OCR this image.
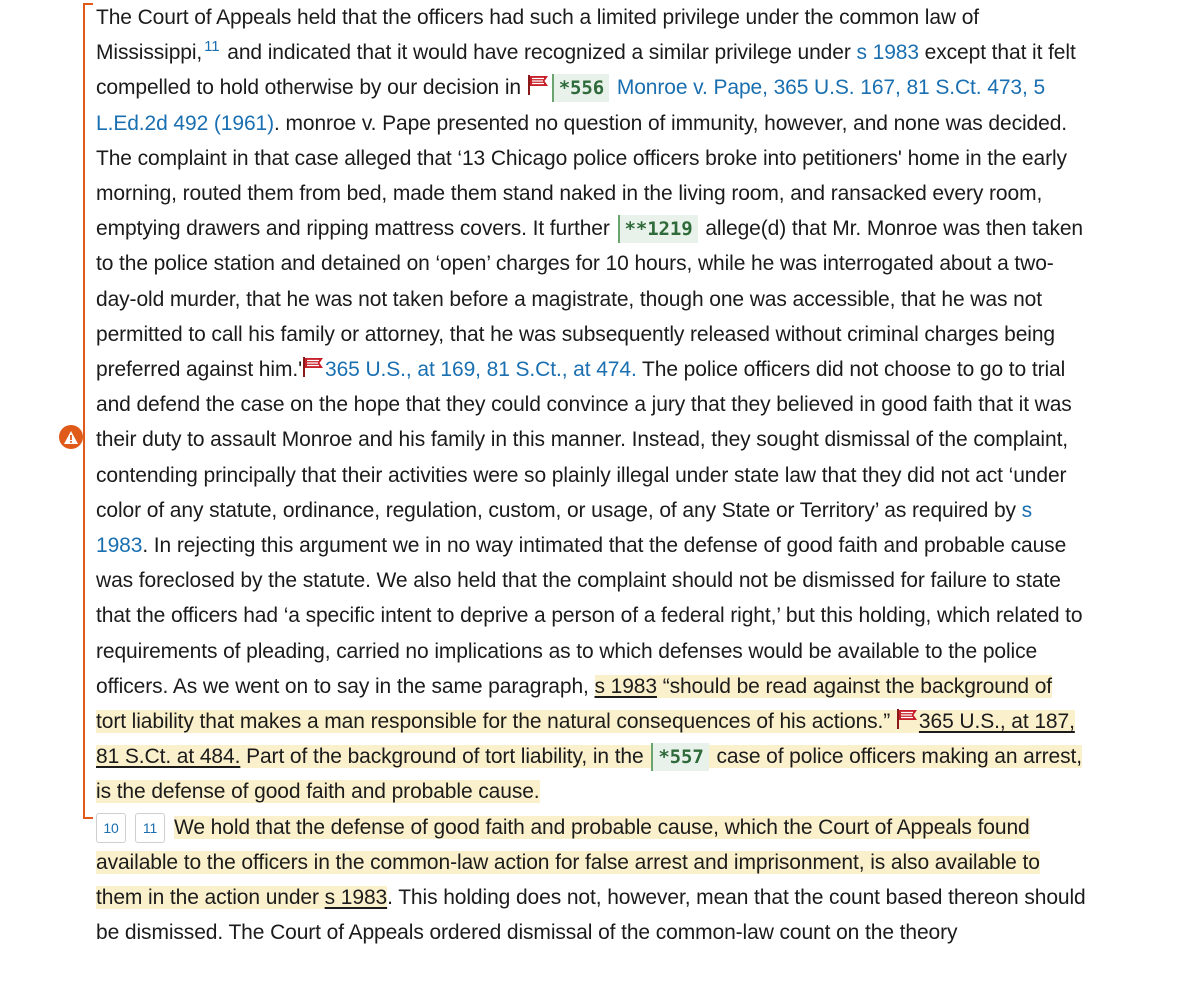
The Court of Appeals held that the officers had such a limited privilege under the common law of Mississippi, $^{11}$ and indicated that it would have recognized a similar privilege under s 1983 except that it felt compelled to hold otherwise by our decision in *556 Monroe v. Pape, 365 U.S. 167, 81 S.Ct. 473, 5 L.Ed.2d 492 (1961). monroe v. Pape presented no question of immunity, however, and none was decided. The complaint in that case alleged that ‘13 Chicago police officers broke into petitioners' home in the early morning, routed them from bed, made them stand naked in the living room, and ransacked every room, emptying drawers and ripping mattress covers. It further **1219 allege(d) that Mr. Monroe was then taken to the police station and detained on ‘open’ charges for 10 hours, while he was interrogated about a two-day-old murder, that he was not taken before a magistrate, though one was accessible, that he was not permitted to call his family or attorney, that he was subsequently released without criminal charges being preferred against him.' 365 U.S., at 169, 81 S.Ct., at 474. The police officers did not choose to go to trial and defend the case on the hope that they could convince a jury that they believed in good faith that it was their duty to assault Monroe and his family in this manner. Instead, they sought dismissal of the complaint, contending principally that their activities were so plainly illegal under state law that they did not act ‘under color of any statute, ordinance, regulation, custom, or usage, of any State or Territory’ as required by s 1983. In rejecting this argument we in no way intimated that the defense of good faith and probable cause was foreclosed by the statute. We also held that the complaint should not be dismissed for failure to state that the officers had ‘a specific intent to deprive a person of a federal right,’ but this holding, which related to requirements of pleading, carried no implications as to which defenses would be available to the police officers. As we went on to say in the same paragraph, s 1983 “should be read against the background of tort liability that makes a man responsible for the natural consequences of his actions.” 365 U.S., at 187, 81 S.Ct. at 484. Part of the background of tort liability, in the *557 case of police officers making an arrest, is the defense of good faith and probable cause.

10 11 We hold that the defense of good faith and probable cause, which the Court of Appeals found available to the officers in the common-law action for false arrest and imprisonment, is also available to them in the action under s 1983. This holding does not, however, mean that the count based thereon should be dismissed. The Court of Appeals ordered dismissal of the common-law count on the theory
